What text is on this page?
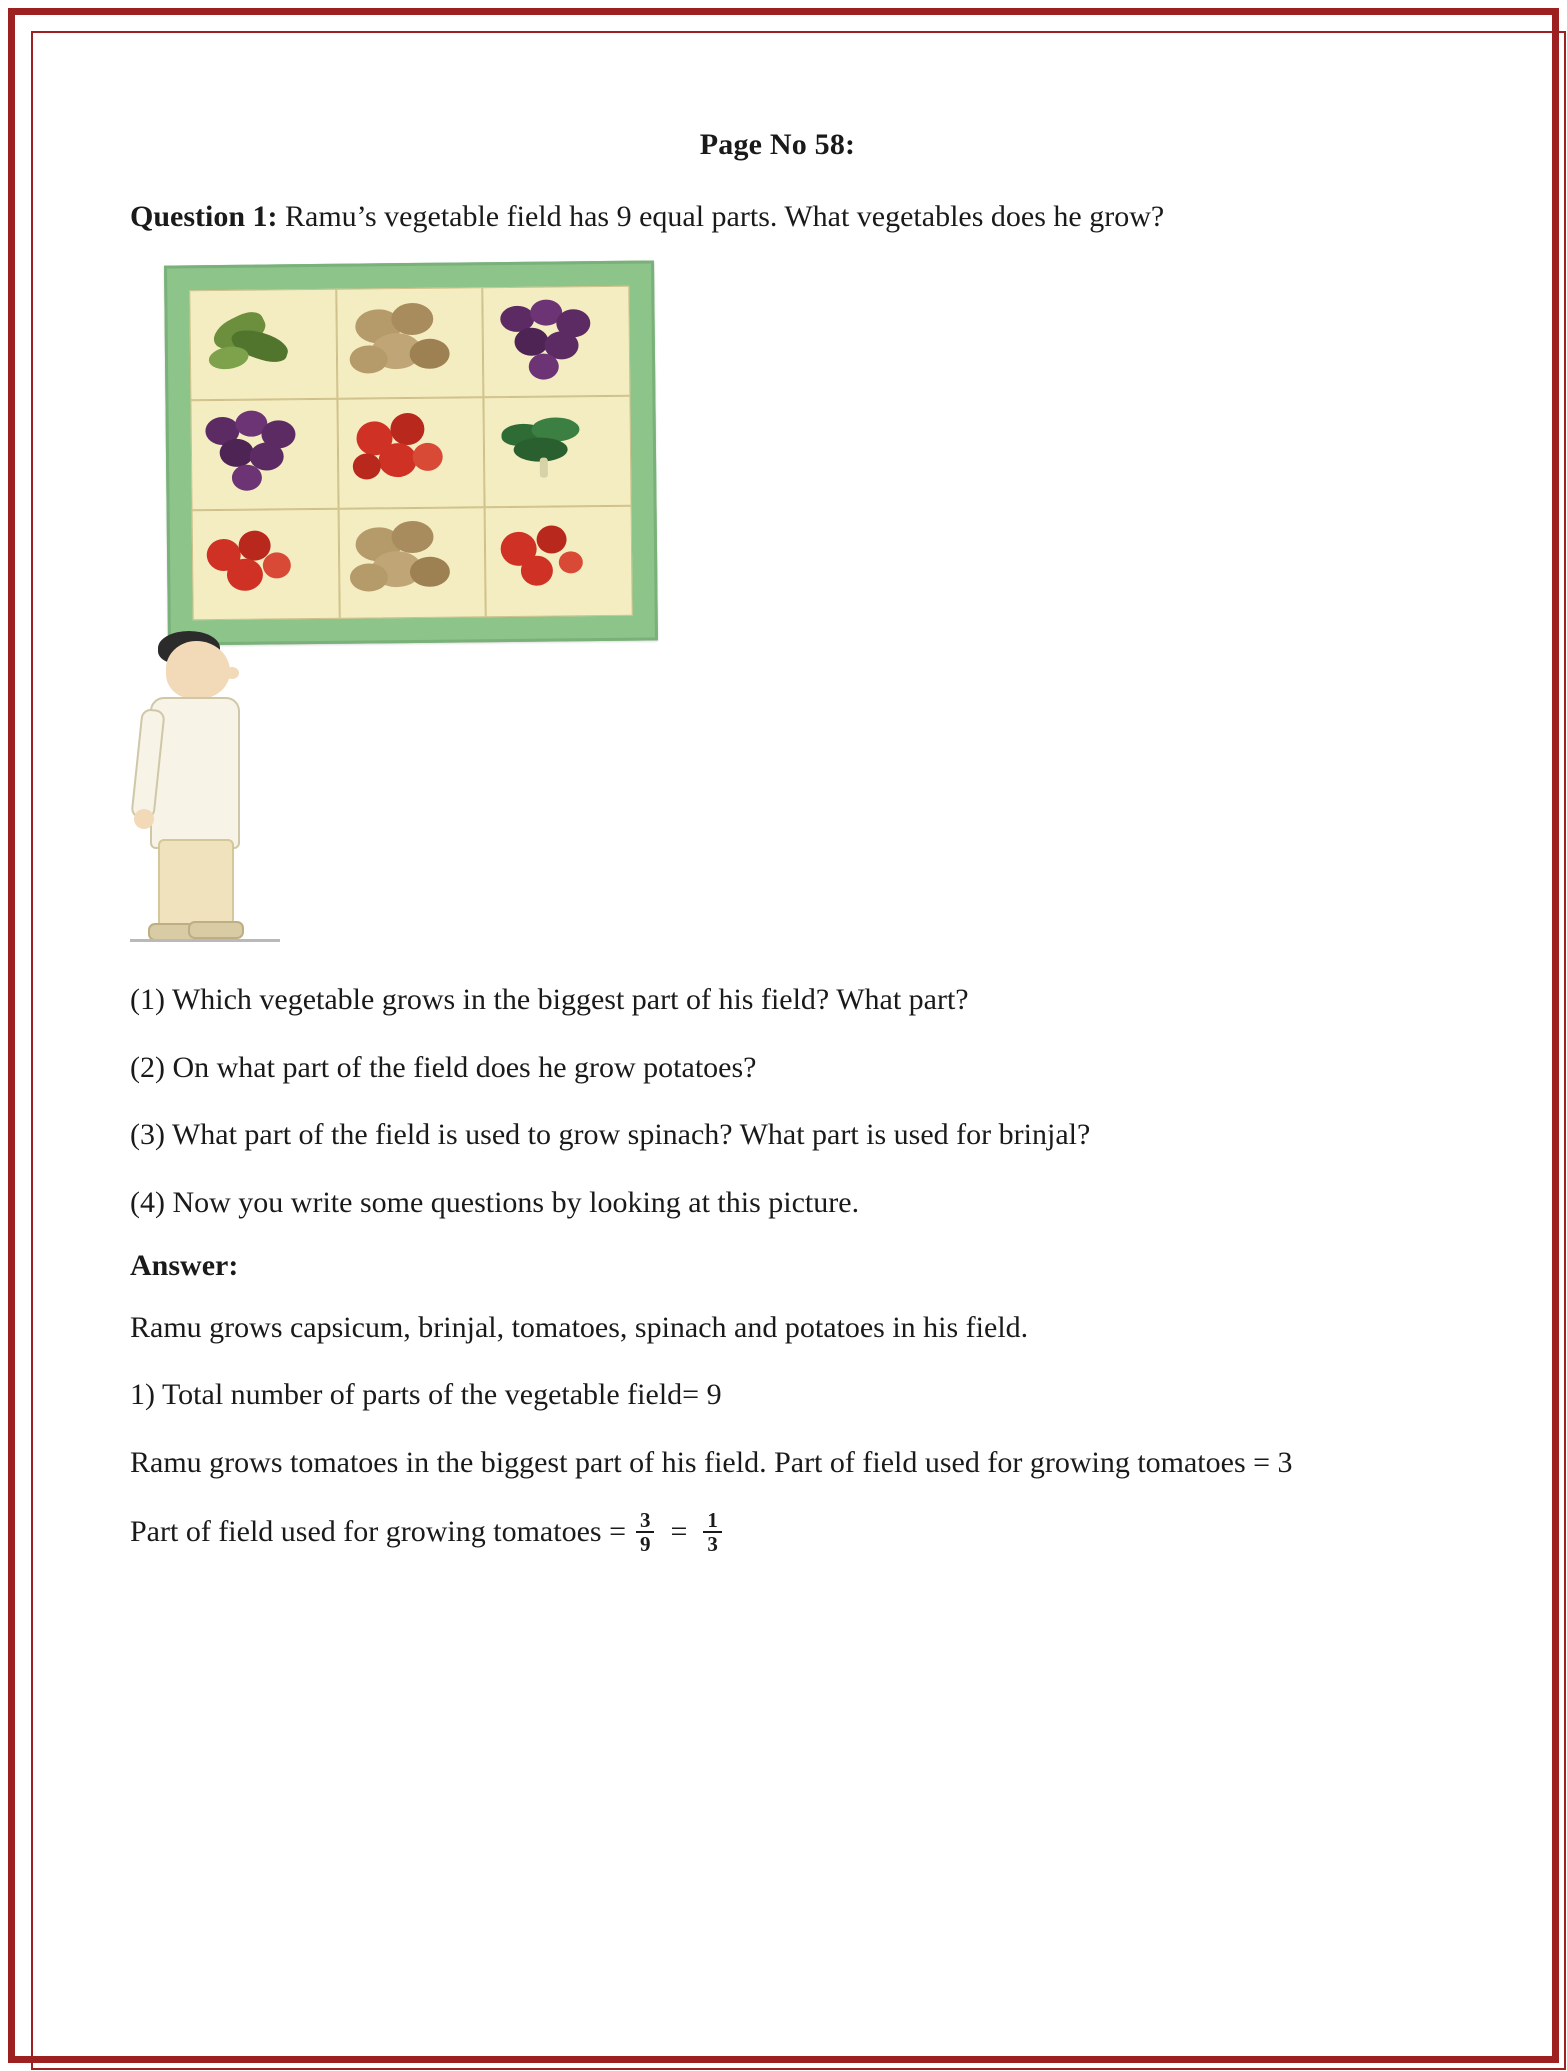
Page No 58:

Question 1: Ramu’s vegetable field has 9 equal parts. What vegetables does he grow?

(1) Which vegetable grows in the biggest part of his field? What part?

(2) On what part of the field does he grow potatoes?

(3) What part of the field is used to grow spinach? What part is used for brinjal?

(4) Now you write some questions by looking at this picture.

Answer:

Ramu grows capsicum, brinjal, tomatoes, spinach and potatoes in his field.

1) Total number of parts of the vegetable field= 9

Ramu grows tomatoes in the biggest part of his field. Part of field used for growing tomatoes = 3

Part of field used for growing tomatoes = $\frac{3}{9} = \frac{1}{3}$
